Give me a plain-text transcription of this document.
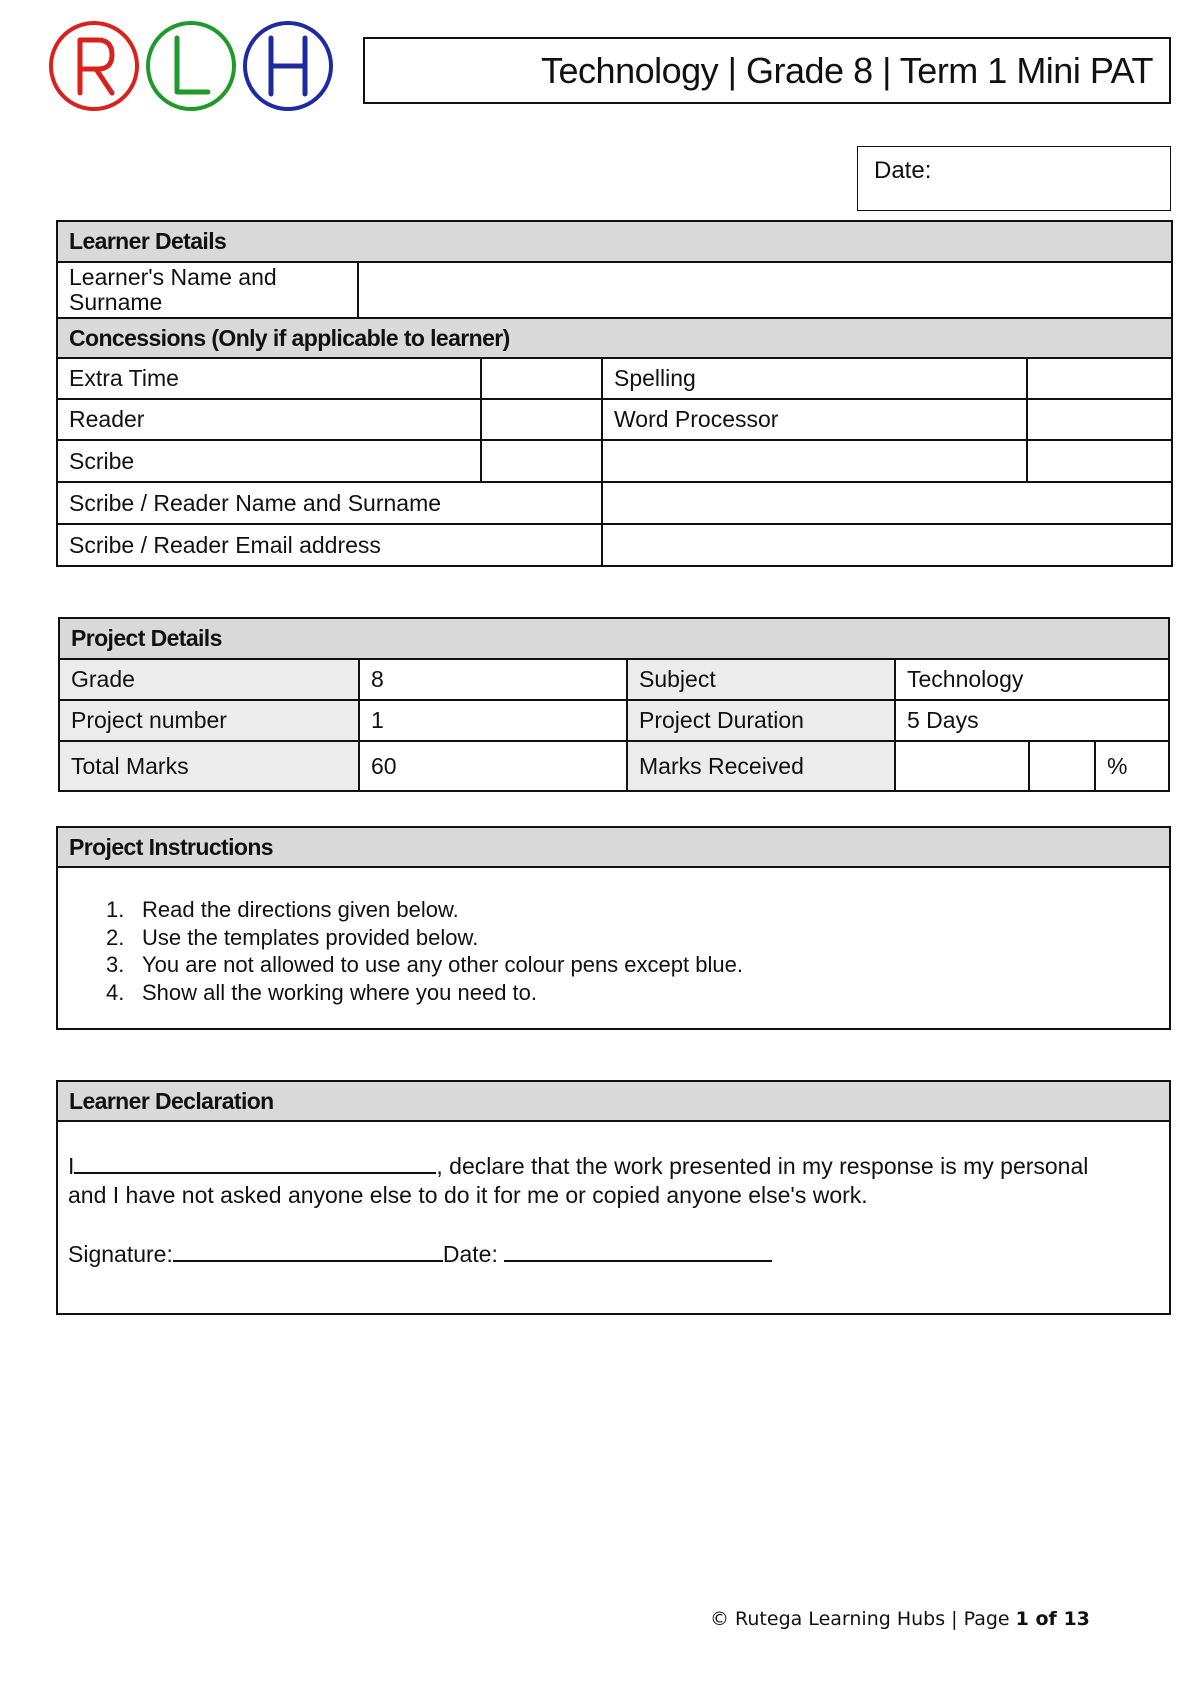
Technology | Grade 8 | Term 1 Mini PAT
Date:
Learner Details				
Learner's Name and Surname				
Concessions (Only if applicable to learner)				
Extra Time			Spelling	
Reader			Word Processor	
Scribe				
Scribe / Reader Name and Surname				
Scribe / Reader Email address				
Project Details					
Grade	8	Subject	Technology		
Project number	1	Project Duration	5 Days		
Total Marks	60	Marks Received			%
Project Instructions
1. Read the directions given below.
2. Use the templates provided below.
3. You are not allowed to use any other colour pens except blue.
4. Show all the working where you need to.
Learner Declaration
I	, declare that the work presented in my response is my personal
and I have not asked anyone else to do it for me or copied anyone else's work.
Signature:	Date:
© Rutega Learning Hubs | Page 1 of 13
